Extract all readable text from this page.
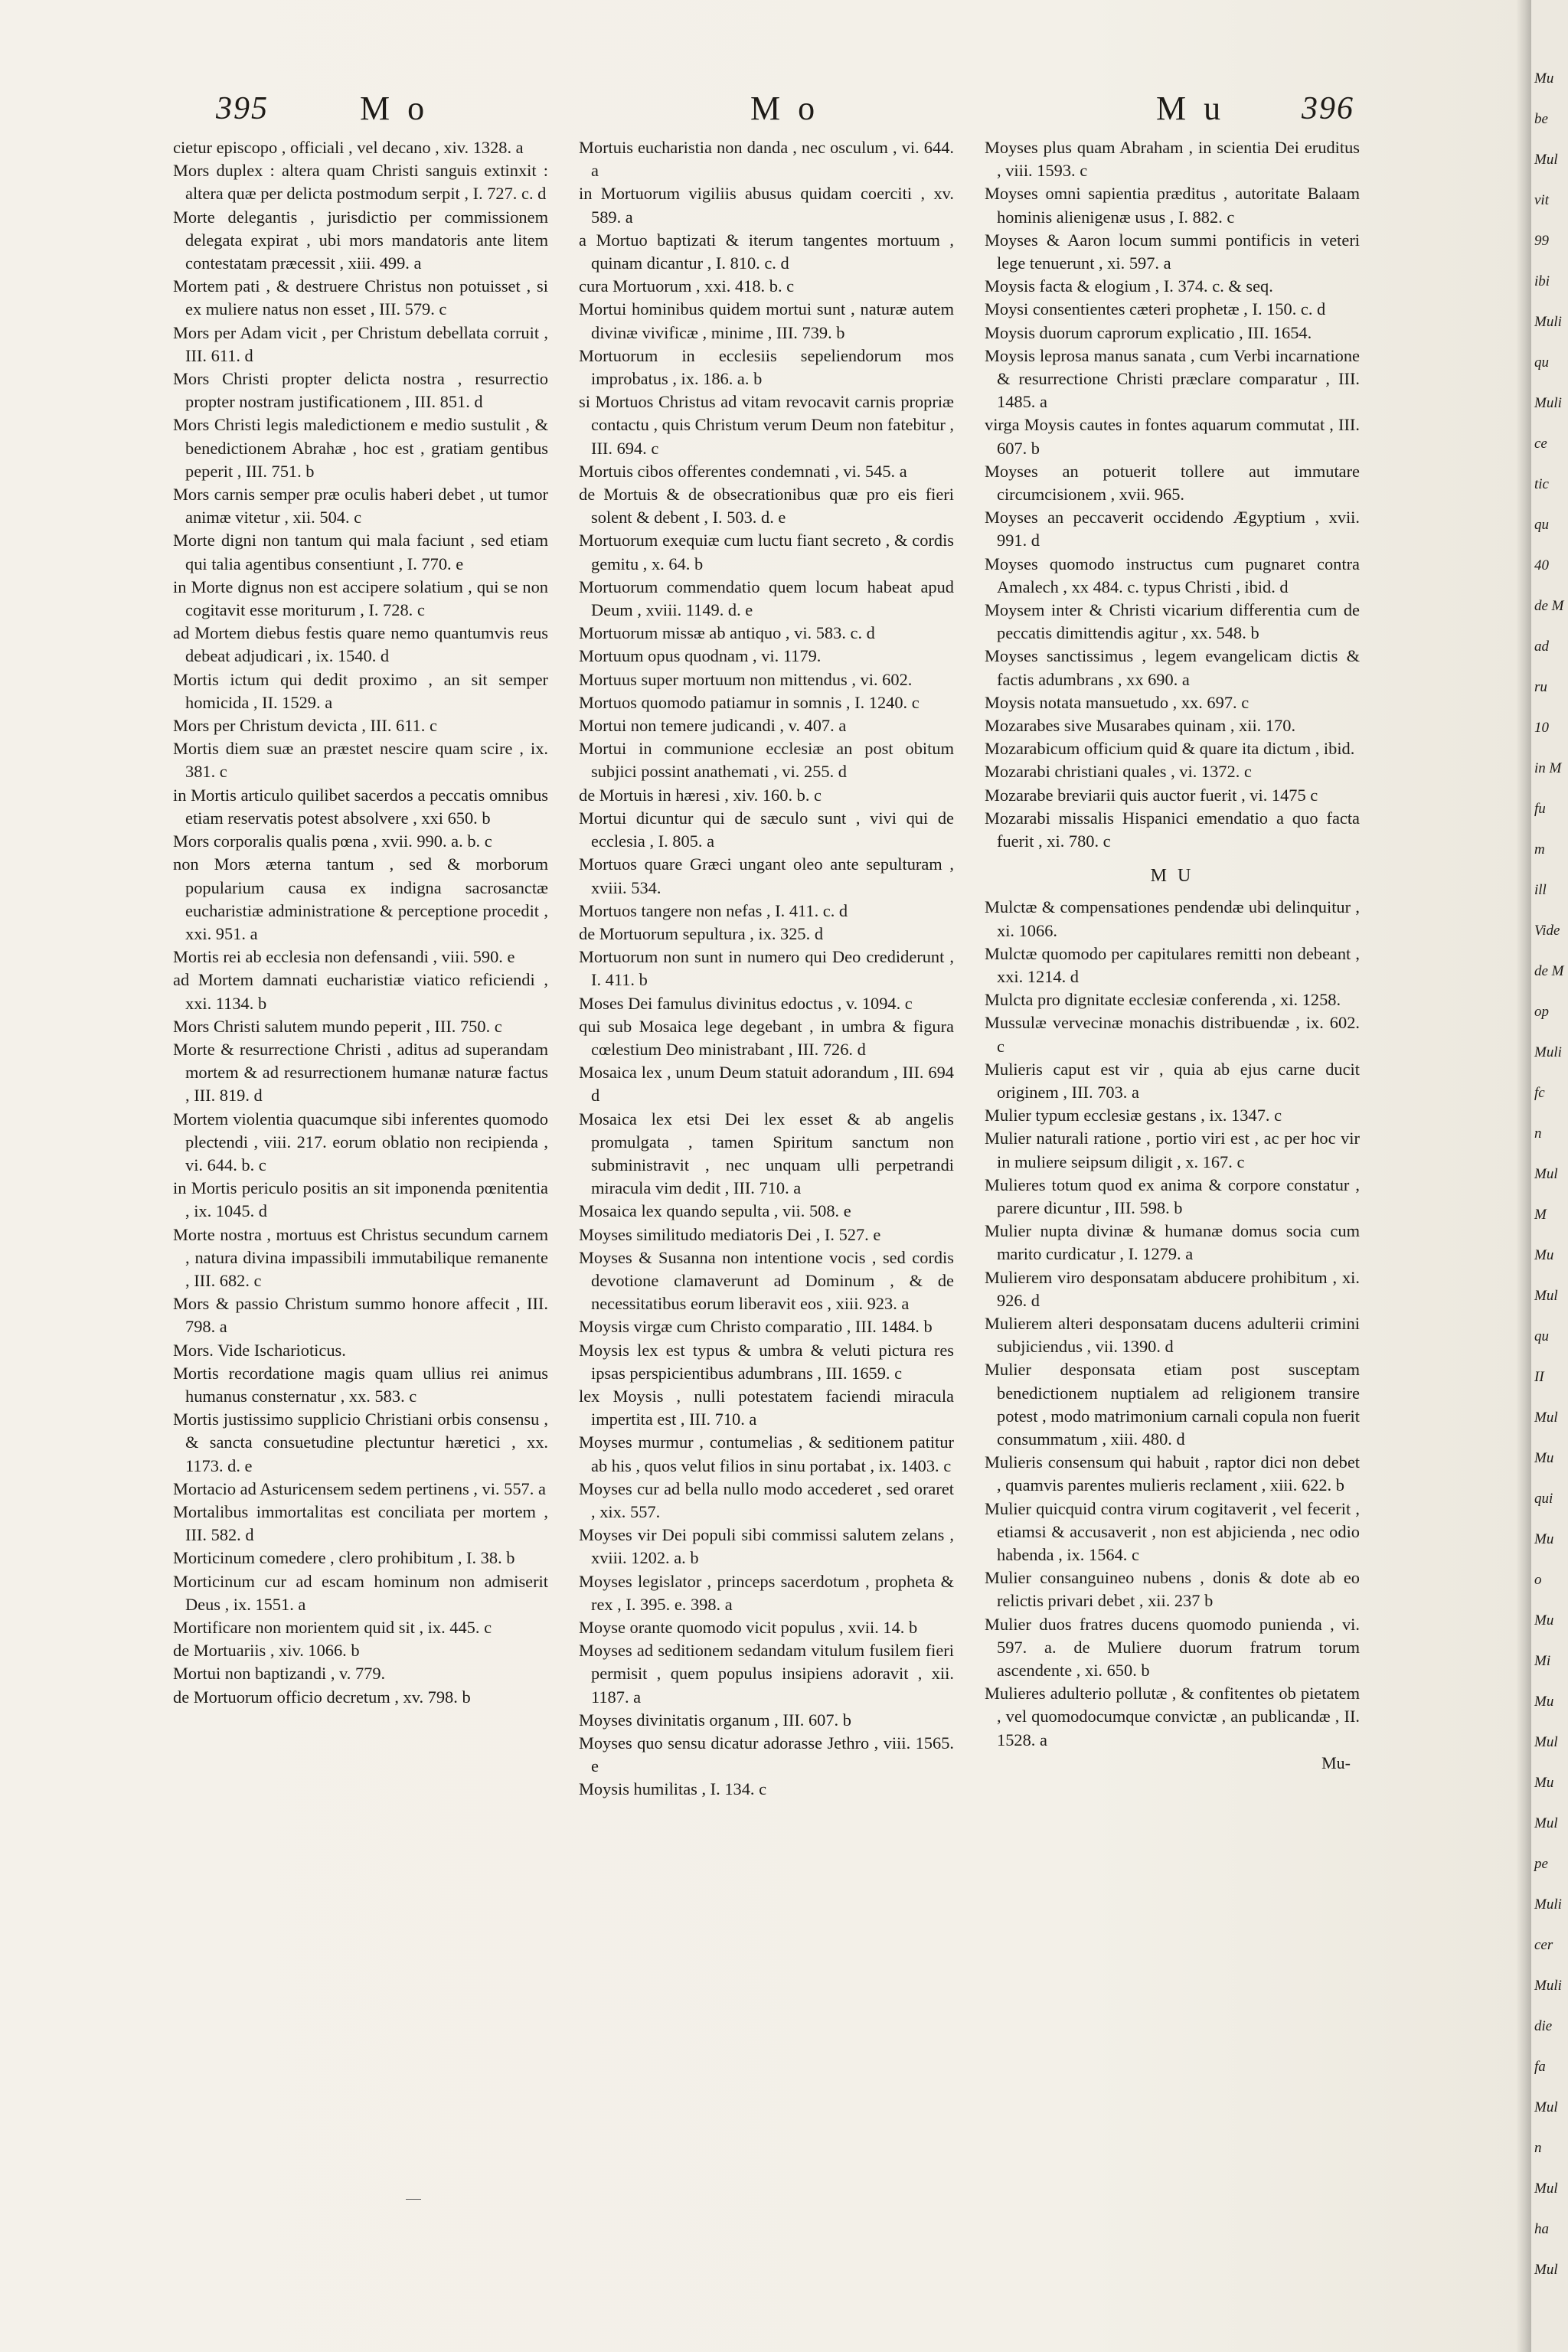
395	M o	M o	M u 396

cietur episcopo , officiali , vel decano , xiv. 1328. a

Mors duplex : altera quam Christi sanguis extinxit : altera quæ per delicta postmodum serpit , I. 727. c. d

Morte delegantis , jurisdictio per commissionem delegata expirat , ubi mors mandatoris ante litem contestatam præcessit , xiii. 499. a

Mortem pati , & destruere Christus non potuisset , si ex muliere natus non esset , III. 579. c

Mors per Adam vicit , per Christum debellata corruit , III. 611. d

Mors Christi propter delicta nostra , resurrectio propter nostram justificationem , III. 851. d

Mors Christi legis maledictionem e medio sustulit , & benedictionem Abrahæ , hoc est , gratiam gentibus peperit , III. 751. b

Mors carnis semper præ oculis haberi debet , ut tumor animæ vitetur , xii. 504. c

Morte digni non tantum qui mala faciunt , sed etiam qui talia agentibus consentiunt , I. 770. e

in Morte dignus non est accipere solatium , qui se non cogitavit esse moriturum , I. 728. c

ad Mortem diebus festis quare nemo quantumvis reus debeat adjudicari , ix. 1540. d

Mortis ictum qui dedit proximo , an sit semper homicida , II. 1529. a

Mors per Christum devicta , III. 611. c

Mortis diem suæ an præstet nescire quam scire , ix. 381. c

in Mortis articulo quilibet sacerdos a peccatis omnibus etiam reservatis potest absolvere , xxi 650. b

Mors corporalis qualis pœna , xvii. 990. a. b. c

non Mors æterna tantum , sed & morborum popularium causa ex indigna sacrosanctæ eucharistiæ administratione & perceptione procedit , xxi. 951. a

Mortis rei ab ecclesia non defensandi , viii. 590. e

ad Mortem damnati eucharistiæ viatico reficiendi , xxi. 1134. b

Mors Christi salutem mundo peperit , III. 750. c

Morte & resurrectione Christi , aditus ad superandam mortem & ad resurrectionem humanæ naturæ factus , III. 819. d

Mortem violentia quacumque sibi inferentes quomodo plectendi , viii. 217. eorum oblatio non recipienda , vi. 644. b. c

in Mortis periculo positis an sit imponenda pœnitentia , ix. 1045. d

Morte nostra , mortuus est Christus secundum carnem , natura divina impassibili immutabilique remanente , III. 682. c

Mors & passio Christum summo honore affecit , III. 798. a

Mors. Vide Ischarioticus.

Mortis recordatione magis quam ullius rei animus humanus consternatur , xx. 583. c

Mortis justissimo supplicio Christiani orbis consensu , & sancta consuetudine plectuntur hæretici , xx. 1173. d. e

Mortacio ad Asturicensem sedem pertinens , vi. 557. a

Mortalibus immortalitas est conciliata per mortem , III. 582. d

Morticinum comedere , clero prohibitum , I. 38. b

Morticinum cur ad escam hominum non admiserit Deus , ix. 1551. a

Mortificare non morientem quid sit , ix. 445. c

de Mortuariis , xiv. 1066. b

Mortui non baptizandi , v. 779.

de Mortuorum officio decretum , xv. 798. b

Mortuis eucharistia non danda , nec osculum , vi. 644. a

in Mortuorum vigiliis abusus quidam coerciti , xv. 589. a

a Mortuo baptizati & iterum tangentes mortuum , quinam dicantur , I. 810. c. d

cura Mortuorum , xxi. 418. b. c

Mortui hominibus quidem mortui sunt , naturæ autem divinæ vivificæ , minime , III. 739. b

Mortuorum in ecclesiis sepeliendorum mos improbatus , ix. 186. a. b

si Mortuos Christus ad vitam revocavit carnis propriæ contactu , quis Christum verum Deum non fatebitur , III. 694. c

Mortuis cibos offerentes condemnati , vi. 545. a

de Mortuis & de obsecrationibus quæ pro eis fieri solent & debent , I. 503. d. e

Mortuorum exequiæ cum luctu fiant secreto , & cordis gemitu , x. 64. b

Mortuorum commendatio quem locum habeat apud Deum , xviii. 1149. d. e

Mortuorum missæ ab antiquo , vi. 583. c. d

Mortuum opus quodnam , vi. 1179.

Mortuus super mortuum non mittendus , vi. 602.

Mortuos quomodo patiamur in somnis , I. 1240. c

Mortui non temere judicandi , v. 407. a

Mortui in communione ecclesiæ an post obitum subjici possint anathemati , vi. 255. d

de Mortuis in hæresi , xiv. 160. b. c

Mortui dicuntur qui de sæculo sunt , vivi qui de ecclesia , I. 805. a

Mortuos quare Græci ungant oleo ante sepulturam , xviii. 534.

Mortuos tangere non nefas , I. 411. c. d

de Mortuorum sepultura , ix. 325. d

Mortuorum non sunt in numero qui Deo crediderunt , I. 411. b

Moses Dei famulus divinitus edoctus , v. 1094. c

qui sub Mosaica lege degebant , in umbra & figura cœlestium Deo ministrabant , III. 726. d

Mosaica lex , unum Deum statuit adorandum , III. 694 d

Mosaica lex etsi Dei lex esset & ab angelis promulgata , tamen Spiritum sanctum non subministravit , nec unquam ulli perpetrandi miracula vim dedit , III. 710. a

Mosaica lex quando sepulta , vii. 508. e

Moyses similitudo mediatoris Dei , I. 527. e

Moyses & Susanna non intentione vocis , sed cordis devotione clamaverunt ad Dominum , & de necessitatibus eorum liberavit eos , xiii. 923. a

Moysis virgæ cum Christo comparatio , III. 1484. b

Moysis lex est typus & umbra & veluti pictura res ipsas perspicientibus adumbrans , III. 1659. c

lex Moysis , nulli potestatem faciendi miracula impertita est , III. 710. a

Moyses murmur , contumelias , & seditionem patitur ab his , quos velut filios in sinu portabat , ix. 1403. c

Moyses cur ad bella nullo modo accederet , sed oraret , xix. 557.

Moyses vir Dei populi sibi commissi salutem zelans , xviii. 1202. a. b

Moyses legislator , princeps sacerdotum , propheta & rex , I. 395. e. 398. a

Moyse orante quomodo vicit populus , xvii. 14. b

Moyses ad seditionem sedandam vitulum fusilem fieri permisit , quem populus insipiens adoravit , xii. 1187. a

Moyses divinitatis organum , III. 607. b

Moyses quo sensu dicatur adorasse Jethro , viii. 1565. e

Moysis humilitas , I. 134. c

Moyses plus quam Abraham , in scientia Dei eruditus , viii. 1593. c

Moyses omni sapientia præditus , autoritate Balaam hominis alienigenæ usus , I. 882. c

Moyses & Aaron locum summi pontificis in veteri lege tenuerunt , xi. 597. a

Moysis facta & elogium , I. 374. c. & seq.

Moysi consentientes cæteri prophetæ , I. 150. c. d

Moysis duorum caprorum explicatio , III. 1654.

Moysis leprosa manus sanata , cum Verbi incarnatione & resurrectione Christi præclare comparatur , III. 1485. a

virga Moysis cautes in fontes aquarum commutat , III. 607. b

Moyses an potuerit tollere aut immutare circumcisionem , xvii. 965.

Moyses an peccaverit occidendo Ægyptium , xvii. 991. d

Moyses quomodo instructus cum pugnaret contra Amalech , xx 484. c. typus Christi , ibid. d

Moysem inter & Christi vicarium differentia cum de peccatis dimittendis agitur , xx. 548. b

Moyses sanctissimus , legem evangelicam dictis & factis adumbrans , xx 690. a

Moysis notata mansuetudo , xx. 697. c

Mozarabes sive Musarabes quinam , xii. 170.

Mozarabicum officium quid & quare ita dictum , ibid.

Mozarabi christiani quales , vi. 1372. c

Mozarabe breviarii quis auctor fuerit , vi. 1475 c

Mozarabi missalis Hispanici emendatio a quo facta fuerit , xi. 780. c

M U

Mulctæ & compensationes pendendæ ubi delinquitur , xi. 1066.

Mulctæ quomodo per capitulares remitti non debeant , xxi. 1214. d

Mulcta pro dignitate ecclesiæ conferenda , xi. 1258.

Mussulæ vervecinæ monachis distribuendæ , ix. 602. c

Mulieris caput est vir , quia ab ejus carne ducit originem , III. 703. a

Mulier typum ecclesiæ gestans , ix. 1347. c

Mulier naturali ratione , portio viri est , ac per hoc vir in muliere seipsum diligit , x. 167. c

Mulieres totum quod ex anima & corpore constatur , parere dicuntur , III. 598. b

Mulier nupta divinæ & humanæ domus socia cum marito curdicatur , I. 1279. a

Mulierem viro desponsatam abducere prohibitum , xi. 926. d

Mulierem alteri desponsatam ducens adulterii crimini subjiciendus , vii. 1390. d

Mulier desponsata etiam post susceptam benedictionem nuptialem ad religionem transire potest , modo matrimonium carnali copula non fuerit consummatum , xiii. 480. d

Mulieris consensum qui habuit , raptor dici non debet , quamvis parentes mulieris reclament , xiii. 622. b

Mulier quicquid contra virum cogitaverit , vel fecerit , etiamsi & accusaverit , non est abjicienda , nec odio habenda , ix. 1564. c

Mulier consanguineo nubens , donis & dote ab eo relictis privari debet , xii. 237 b

Mulier duos fratres ducens quomodo punienda , vi. 597. a. de Muliere duorum fratrum torum ascendente , xi. 650. b

Mulieres adulterio pollutæ , & confitentes ob pietatem , vel quomodocumque convictæ , an publicandæ , II. 1528. a

Mu-
Mu
be
Mul
vit
99
ibi
Muli
qu
Muli
ce
tic
qu
40
de M
ad
ru
10
in M
fu
m
ill
Vide
de M
op
Muli
fc
n
Mul
M
Mu
Mul
qu
II
Mul
Mu
qui
Mu
o
Mu
Mi
Mu
Mul
Mu
Mul
pe
Muli
cer
Muli
die
fa
Mul
n
Mul
ha
Mul
